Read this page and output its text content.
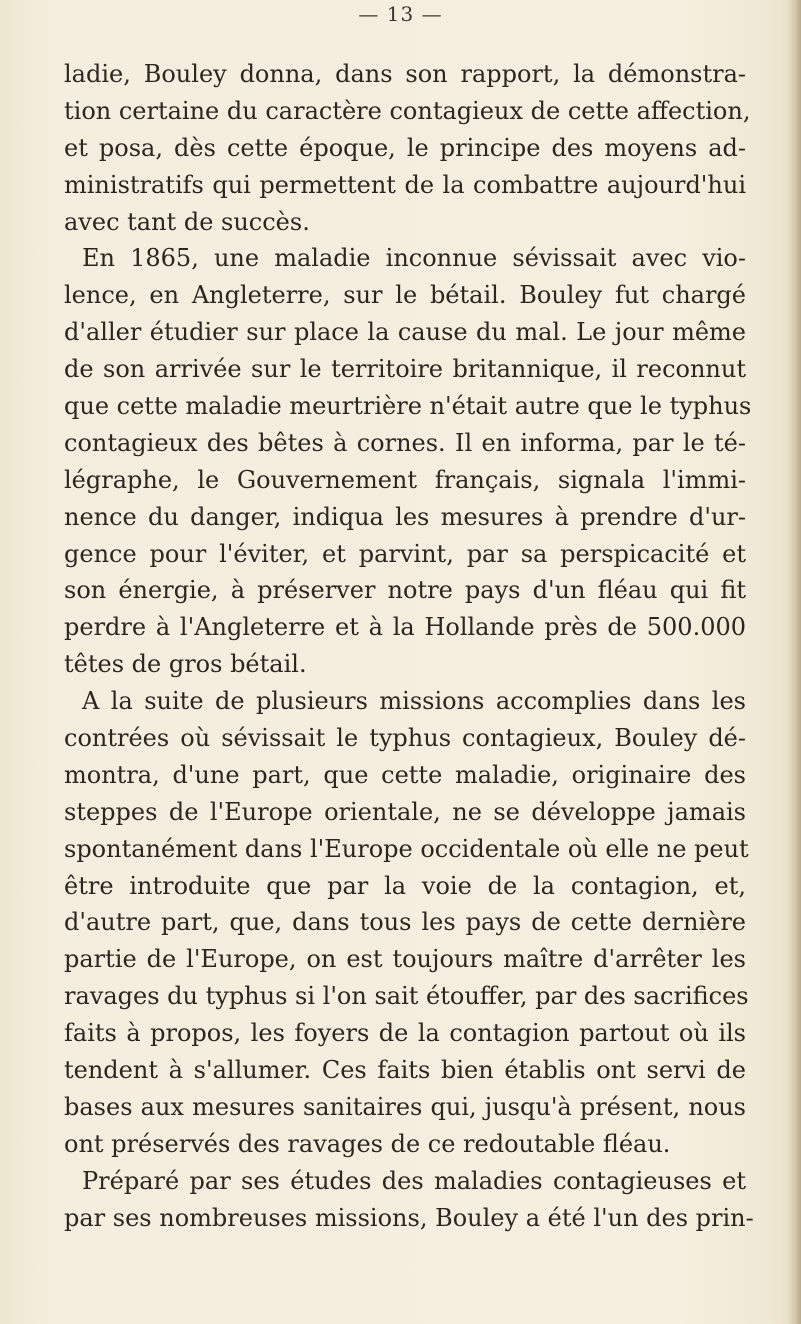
— 13 —
ladie, Bouley donna, dans son rapport, la démonstra-
tion certaine du caractère contagieux de cette affection,
et posa, dès cette époque, le principe des moyens ad-
ministratifs qui permettent de la combattre aujourd'hui
avec tant de succès.
En 1865, une maladie inconnue sévissait avec vio-
lence, en Angleterre, sur le bétail. Bouley fut chargé
d'aller étudier sur place la cause du mal. Le jour même
de son arrivée sur le territoire britannique, il reconnut
que cette maladie meurtrière n'était autre que le typhus
contagieux des bêtes à cornes. Il en informa, par le té-
légraphe, le Gouvernement français, signala l'immi-
nence du danger, indiqua les mesures à prendre d'ur-
gence pour l'éviter, et parvint, par sa perspicacité et
son énergie, à préserver notre pays d'un fléau qui fit
perdre à l'Angleterre et à la Hollande près de 500.000
têtes de gros bétail.
A la suite de plusieurs missions accomplies dans les
contrées où sévissait le typhus contagieux, Bouley dé-
montra, d'une part, que cette maladie, originaire des
steppes de l'Europe orientale, ne se développe jamais
spontanément dans l'Europe occidentale où elle ne peut
être introduite que par la voie de la contagion, et,
d'autre part, que, dans tous les pays de cette dernière
partie de l'Europe, on est toujours maître d'arrêter les
ravages du typhus si l'on sait étouffer, par des sacrifices
faits à propos, les foyers de la contagion partout où ils
tendent à s'allumer. Ces faits bien établis ont servi de
bases aux mesures sanitaires qui, jusqu'à présent, nous
ont préservés des ravages de ce redoutable fléau.
Préparé par ses études des maladies contagieuses et
par ses nombreuses missions, Bouley a été l'un des prin-
